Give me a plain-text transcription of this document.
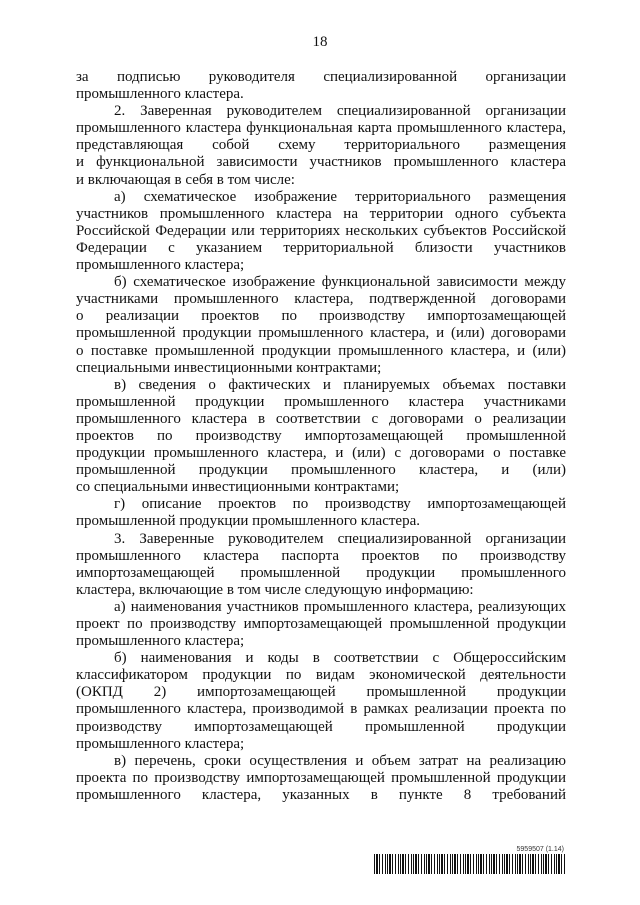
18
за подписью руководителя специализированной организации
промышленного кластера.
2. Заверенная руководителем специализированной организации
промышленного кластера функциональная карта промышленного кластера,
представляющая собой схему территориального размещения
и функциональной зависимости участников промышленного кластера
и включающая в себя в том числе:
а) схематическое изображение территориального размещения
участников промышленного кластера на территории одного субъекта
Российской Федерации или территориях нескольких субъектов Российской
Федерации с указанием территориальной близости участников
промышленного кластера;
б) схематическое изображение функциональной зависимости между
участниками промышленного кластера, подтвержденной договорами
о реализации проектов по производству импортозамещающей
промышленной продукции промышленного кластера, и (или) договорами
о поставке промышленной продукции промышленного кластера, и (или)
специальными инвестиционными контрактами;
в) сведения о фактических и планируемых объемах поставки
промышленной продукции промышленного кластера участниками
промышленного кластера в соответствии с договорами о реализации
проектов по производству импортозамещающей промышленной
продукции промышленного кластера, и (или) с договорами о поставке
промышленной продукции промышленного кластера, и (или)
со специальными инвестиционными контрактами;
г) описание проектов по производству импортозамещающей
промышленной продукции промышленного кластера.
3. Заверенные руководителем специализированной организации
промышленного кластера паспорта проектов по производству
импортозамещающей промышленной продукции промышленного
кластера, включающие в том числе следующую информацию:
а) наименования участников промышленного кластера, реализующих
проект по производству импортозамещающей промышленной продукции
промышленного кластера;
б) наименования и коды в соответствии с Общероссийским
классификатором продукции по видам экономической деятельности
(ОКПД 2) импортозамещающей промышленной продукции
промышленного кластера, производимой в рамках реализации проекта по
производству импортозамещающей промышленной продукции
промышленного кластера;
в) перечень, сроки осуществления и объем затрат на реализацию
проекта по производству импортозамещающей промышленной продукции
промышленного кластера, указанных в пункте 8 требований
5959507 (1.14)
